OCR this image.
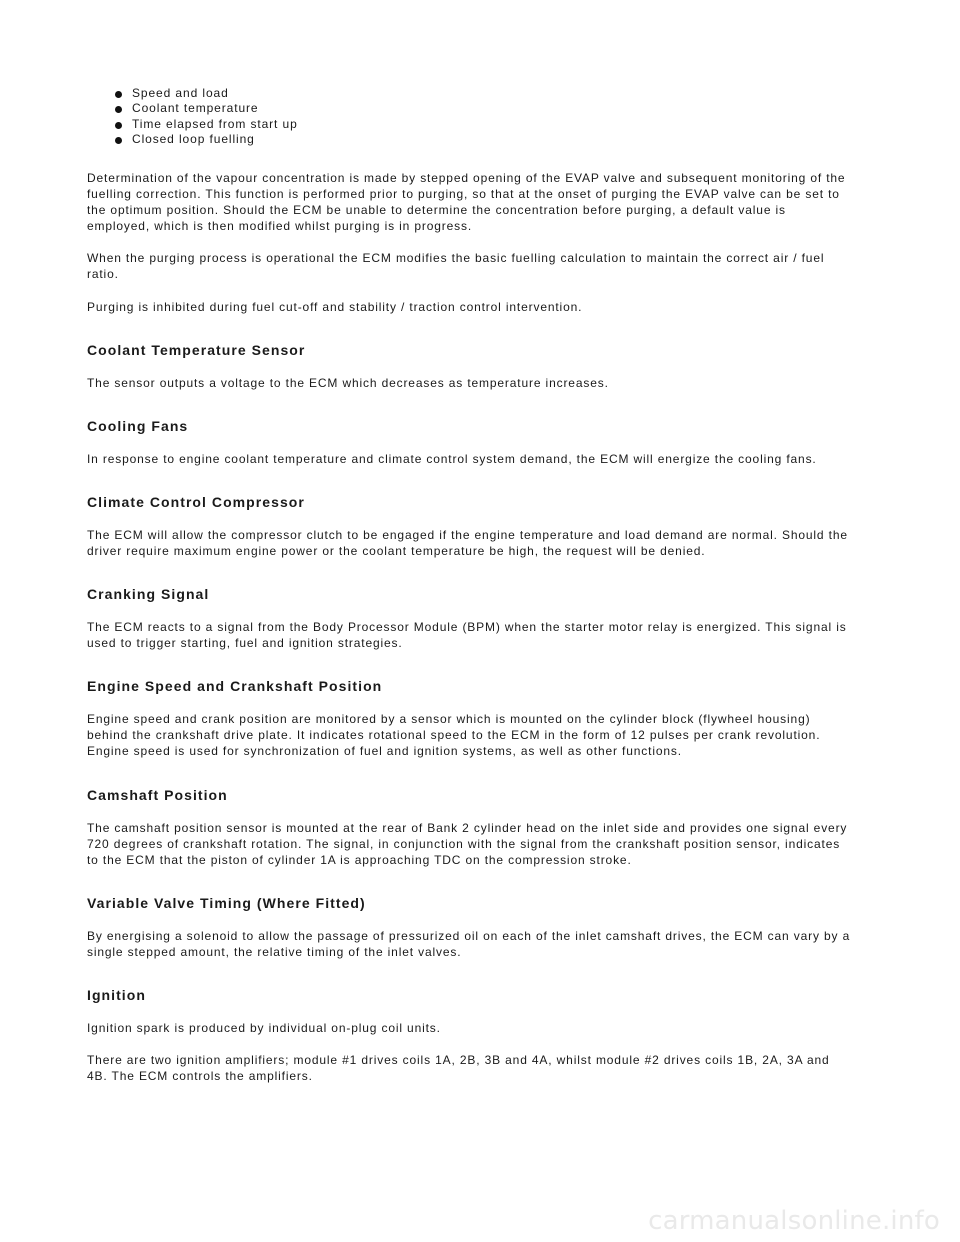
Speed and load
Coolant temperature
Time elapsed from start up
Closed loop fuelling

Determination of the vapour concentration is made by stepped opening of the EVAP valve and subsequent monitoring of the
fuelling correction. This function is performed prior to purging, so that at the onset of purging the EVAP valve can be set to
the optimum position. Should the ECM be unable to determine the concentration before purging, a default value is
employed, which is then modified whilst purging is in progress.

When the purging process is operational the ECM modifies the basic fuelling calculation to maintain the correct air / fuel
ratio.

Purging is inhibited during fuel cut-off and stability / traction control intervention.

Coolant Temperature Sensor

The sensor outputs a voltage to the ECM which decreases as temperature increases.

Cooling Fans

In response to engine coolant temperature and climate control system demand, the ECM will energize the cooling fans.

Climate Control Compressor

The ECM will allow the compressor clutch to be engaged if the engine temperature and load demand are normal. Should the
driver require maximum engine power or the coolant temperature be high, the request will be denied.

Cranking Signal

The ECM reacts to a signal from the Body Processor Module (BPM) when the starter motor relay is energized. This signal is
used to trigger starting, fuel and ignition strategies.

Engine Speed and Crankshaft Position

Engine speed and crank position are monitored by a sensor which is mounted on the cylinder block (flywheel housing)
behind the crankshaft drive plate. It indicates rotational speed to the ECM in the form of 12 pulses per crank revolution.
Engine speed is used for synchronization of fuel and ignition systems, as well as other functions.

Camshaft Position

The camshaft position sensor is mounted at the rear of Bank 2 cylinder head on the inlet side and provides one signal every
720 degrees of crankshaft rotation. The signal, in conjunction with the signal from the crankshaft position sensor, indicates
to the ECM that the piston of cylinder 1A is approaching TDC on the compression stroke.

Variable Valve Timing (Where Fitted)

By energising a solenoid to allow the passage of pressurized oil on each of the inlet camshaft drives, the ECM can vary by a
single stepped amount, the relative timing of the inlet valves.

Ignition

Ignition spark is produced by individual on-plug coil units.

There are two ignition amplifiers; module #1 drives coils 1A, 2B, 3B and 4A, whilst module #2 drives coils 1B, 2A, 3A and
4B. The ECM controls the amplifiers.

carmanualsonline.info
